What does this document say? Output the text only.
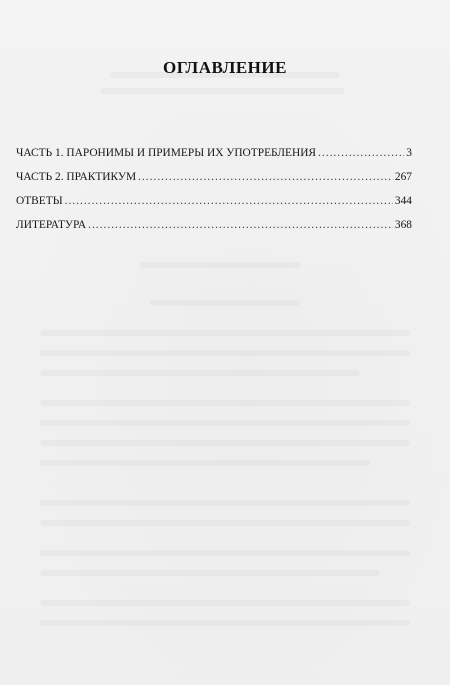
ОГЛАВЛЕНИЕ
ЧАСТЬ 1. ПАРОНИМЫ И ПРИМЕРЫ ИХ УПОТРЕБЛЕНИЯ .....	3
ЧАСТЬ 2. ПРАКТИКУМ .....	267
ОТВЕТЫ .....	344
ЛИТЕРАТУРА .....	368
